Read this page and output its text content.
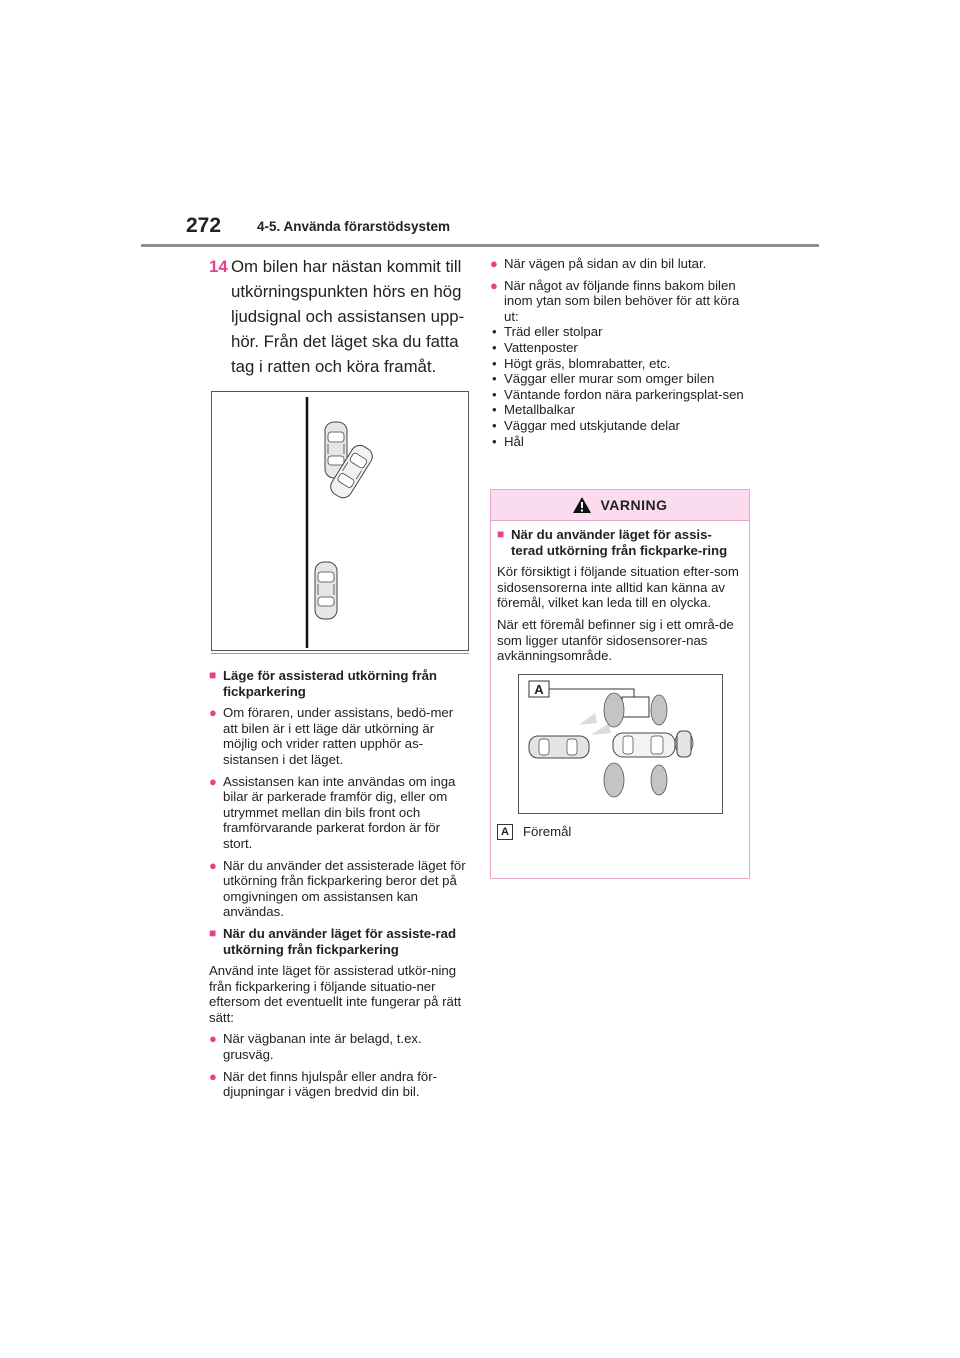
272	4-5. Använda förarstödsystem
14 Om bilen har nästan kommit till utkörningspunkten hörs en hög ljudsignal och assistansen upp-hör. Från det läget ska du fatta tag i ratten och köra framåt.
■ Läge för assisterad utkörning från fickparkering
● Om föraren, under assistans, bedö-mer att bilen är i ett läge där utkörning är möjlig och vrider ratten upphör as-sistansen i det läget.
● Assistansen kan inte användas om inga bilar är parkerade framför dig, eller om utrymmet mellan din bils front och framförvarande parkerat fordon är för stort.
● När du använder det assisterade läget för utkörning från fickparkering beror det på omgivningen om assistansen kan användas.
■ När du använder läget för assiste-rad utkörning från fickparkering
Använd inte läget för assisterad utkör-ning från fickparkering i följande situatio-ner eftersom det eventuellt inte fungerar på rätt sätt:
● När vägbanan inte är belagd, t.ex. grusväg.
● När det finns hjulspår eller andra för-djupningar i vägen bredvid din bil.
● När vägen på sidan av din bil lutar.
● När något av följande finns bakom bilen inom ytan som bilen behöver för att köra ut:
• Träd eller stolpar
• Vattenposter
• Högt gräs, blomrabatter, etc.
• Väggar eller murar som omger bilen
• Väntande fordon nära parkeringsplat-sen
• Metallbalkar
• Väggar med utskjutande delar
• Hål
VARNING
■ När du använder läget för assis-terad utkörning från fickparke-ring
Kör försiktigt i följande situation efter-som sidosensorerna inte alltid kan känna av föremål, vilket kan leda till en olycka.
När ett föremål befinner sig i ett områ-de som ligger utanför sidosensorer-nas avkänningsområde.
A
A	Föremål
